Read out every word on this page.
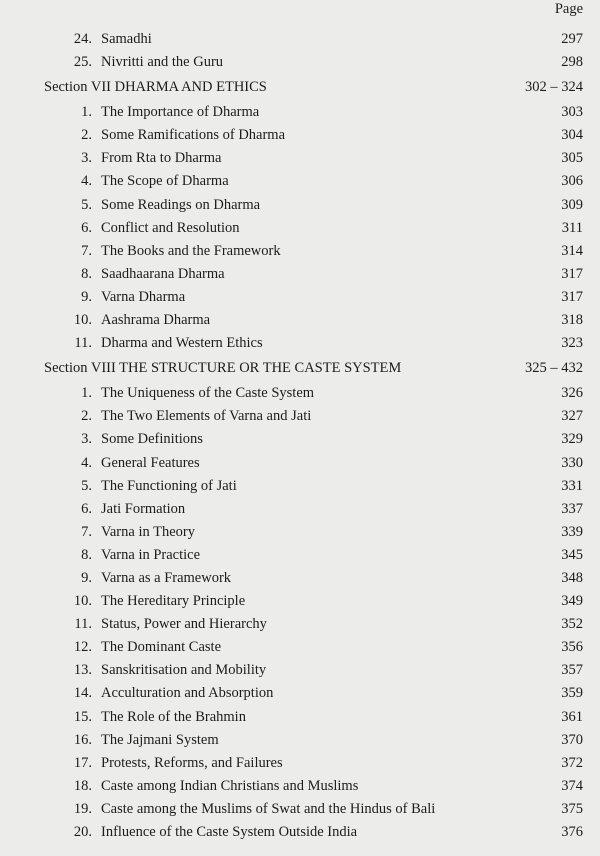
Page
24. Samadhi	297
25. Nivritti and the Guru	298
Section VII DHARMA AND ETHICS	302 – 324
1. The Importance of Dharma	303
2. Some Ramifications of Dharma	304
3. From Rta to Dharma	305
4. The Scope of Dharma	306
5. Some Readings on Dharma	309
6. Conflict and Resolution	311
7. The Books and the Framework	314
8. Saadhaarana Dharma	317
9. Varna Dharma	317
10. Aashrama Dharma	318
11. Dharma and Western Ethics	323
Section VIII THE STRUCTURE OR THE CASTE SYSTEM	325 – 432
1. The Uniqueness of the Caste System	326
2. The Two Elements of Varna and Jati	327
3. Some Definitions	329
4. General Features	330
5. The Functioning of Jati	331
6. Jati Formation	337
7. Varna in Theory	339
8. Varna in Practice	345
9. Varna as a Framework	348
10. The Hereditary Principle	349
11. Status, Power and Hierarchy	352
12. The Dominant Caste	356
13. Sanskritisation and Mobility	357
14. Acculturation and Absorption	359
15. The Role of the Brahmin	361
16. The Jajmani System	370
17. Protests, Reforms, and Failures	372
18. Caste among Indian Christians and Muslims	374
19. Caste among the Muslims of Swat and the Hindus of Bali	375
20. Influence of the Caste System Outside India	376
